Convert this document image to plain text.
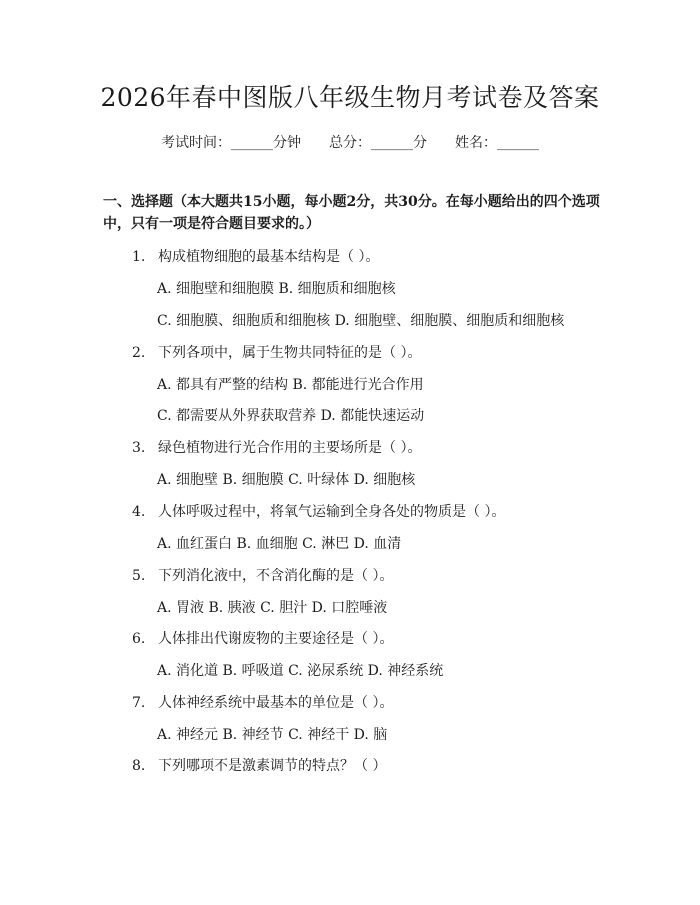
2026年春中图版八年级生物月考试卷及答案
考试时间：______分钟 总分：______分 姓名：______

一、选择题（本大题共15小题，每小题2分，共30分。在每小题给出的四个选项中，只有一项是符合题目要求的。）

1. 构成植物细胞的最基本结构是（ ）。
A. 细胞壁和细胞膜 B. 细胞质和细胞核
C. 细胞膜、细胞质和细胞核 D. 细胞壁、细胞膜、细胞质和细胞核
2. 下列各项中，属于生物共同特征的是（ ）。
A. 都具有严整的结构 B. 都能进行光合作用
C. 都需要从外界获取营养 D. 都能快速运动
3. 绿色植物进行光合作用的主要场所是（ ）。
A. 细胞壁 B. 细胞膜 C. 叶绿体 D. 细胞核
4. 人体呼吸过程中，将氧气运输到全身各处的物质是（ ）。
A. 血红蛋白 B. 血细胞 C. 淋巴 D. 血清
5. 下列消化液中，不含消化酶的是（ ）。
A. 胃液 B. 胰液 C. 胆汁 D. 口腔唾液
6. 人体排出代谢废物的主要途径是（ ）。
A. 消化道 B. 呼吸道 C. 泌尿系统 D. 神经系统
7. 人体神经系统中最基本的单位是（ ）。
A. 神经元 B. 神经节 C. 神经干 D. 脑
8. 下列哪项不是激素调节的特点？（ ）
